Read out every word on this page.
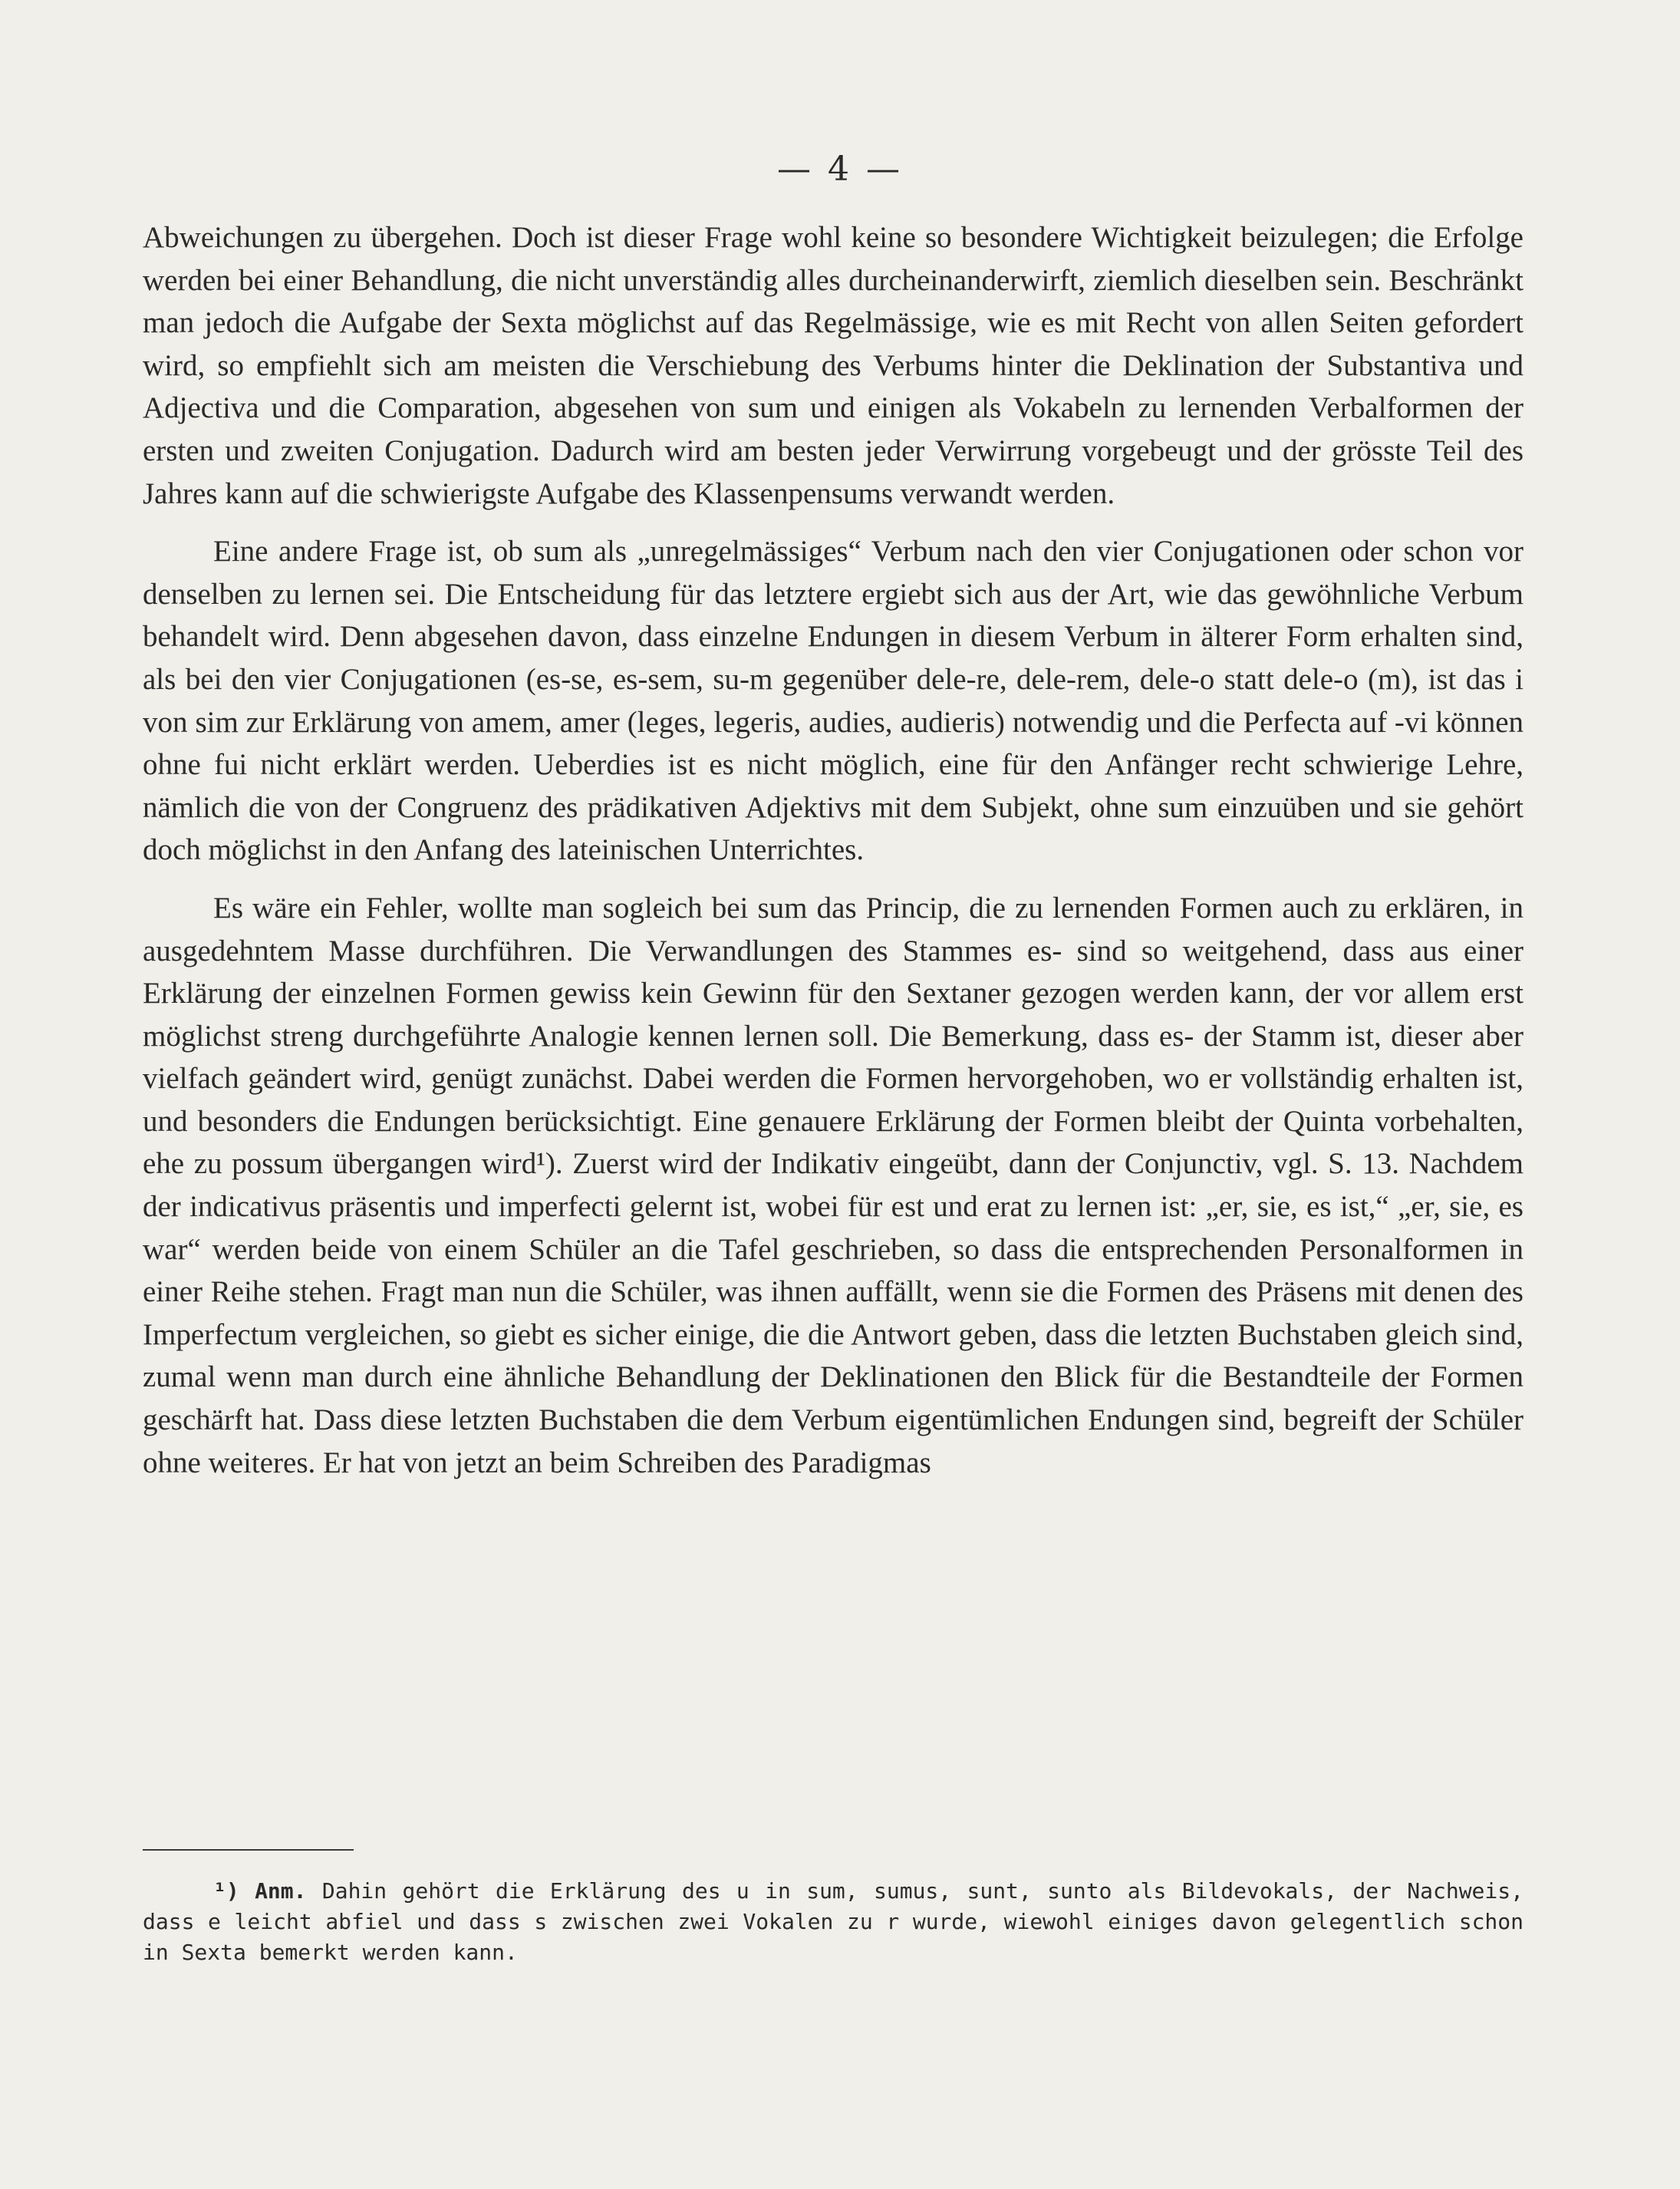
— 4 —

Abweichungen zu übergehen. Doch ist dieser Frage wohl keine so besondere Wichtigkeit beizulegen; die Erfolge werden bei einer Behandlung, die nicht unverständig alles durcheinanderwirft, ziemlich dieselben sein. Beschränkt man jedoch die Aufgabe der Sexta möglichst auf das Regelmässige, wie es mit Recht von allen Seiten gefordert wird, so empfiehlt sich am meisten die Verschiebung des Verbums hinter die Deklination der Substantiva und Adjectiva und die Comparation, abgesehen von sum und einigen als Vokabeln zu lernenden Verbalformen der ersten und zweiten Conjugation. Dadurch wird am besten jeder Verwirrung vorgebeugt und der grösste Teil des Jahres kann auf die schwierigste Aufgabe des Klassenpensums verwandt werden.

Eine andere Frage ist, ob sum als „unregelmässiges“ Verbum nach den vier Conjugationen oder schon vor denselben zu lernen sei. Die Entscheidung für das letztere ergiebt sich aus der Art, wie das gewöhnliche Verbum behandelt wird. Denn abgesehen davon, dass einzelne Endungen in diesem Verbum in älterer Form erhalten sind, als bei den vier Conjugationen (es-se, es-sem, su-m gegenüber dele-re, dele-rem, dele-o statt dele-o (m), ist das i von sim zur Erklärung von amem, amer (leges, legeris, audies, audieris) notwendig und die Perfecta auf -vi können ohne fui nicht erklärt werden. Ueberdies ist es nicht möglich, eine für den Anfänger recht schwierige Lehre, nämlich die von der Congruenz des prädikativen Adjektivs mit dem Subjekt, ohne sum einzuüben und sie gehört doch möglichst in den Anfang des lateinischen Unterrichtes.

Es wäre ein Fehler, wollte man sogleich bei sum das Princip, die zu lernenden Formen auch zu erklären, in ausgedehntem Masse durchführen. Die Verwandlungen des Stammes es- sind so weitgehend, dass aus einer Erklärung der einzelnen Formen gewiss kein Gewinn für den Sextaner gezogen werden kann, der vor allem erst möglichst streng durchgeführte Analogie kennen lernen soll. Die Bemerkung, dass es- der Stamm ist, dieser aber vielfach geändert wird, genügt zunächst. Dabei werden die Formen hervorgehoben, wo er vollständig erhalten ist, und besonders die Endungen berücksichtigt. Eine genauere Erklärung der Formen bleibt der Quinta vorbehalten, ehe zu possum übergangen wird¹). Zuerst wird der Indikativ eingeübt, dann der Conjunctiv, vgl. S. 13. Nachdem der indicativus präsentis und imperfecti gelernt ist, wobei für est und erat zu lernen ist: „er, sie, es ist,“ „er, sie, es war“ werden beide von einem Schüler an die Tafel geschrieben, so dass die entsprechenden Personalformen in einer Reihe stehen. Fragt man nun die Schüler, was ihnen auffällt, wenn sie die Formen des Präsens mit denen des Imperfectum vergleichen, so giebt es sicher einige, die die Antwort geben, dass die letzten Buchstaben gleich sind, zumal wenn man durch eine ähnliche Behandlung der Deklinationen den Blick für die Bestandteile der Formen geschärft hat. Dass diese letzten Buchstaben die dem Verbum eigentümlichen Endungen sind, begreift der Schüler ohne weiteres. Er hat von jetzt an beim Schreiben des Paradigmas

¹) Anm. Dahin gehört die Erklärung des u in sum, sumus, sunt, sunto als Bildevokals, der Nachweis, dass e leicht abfiel und dass s zwischen zwei Vokalen zu r wurde, wiewohl einiges davon gelegentlich schon in Sexta bemerkt werden kann.
